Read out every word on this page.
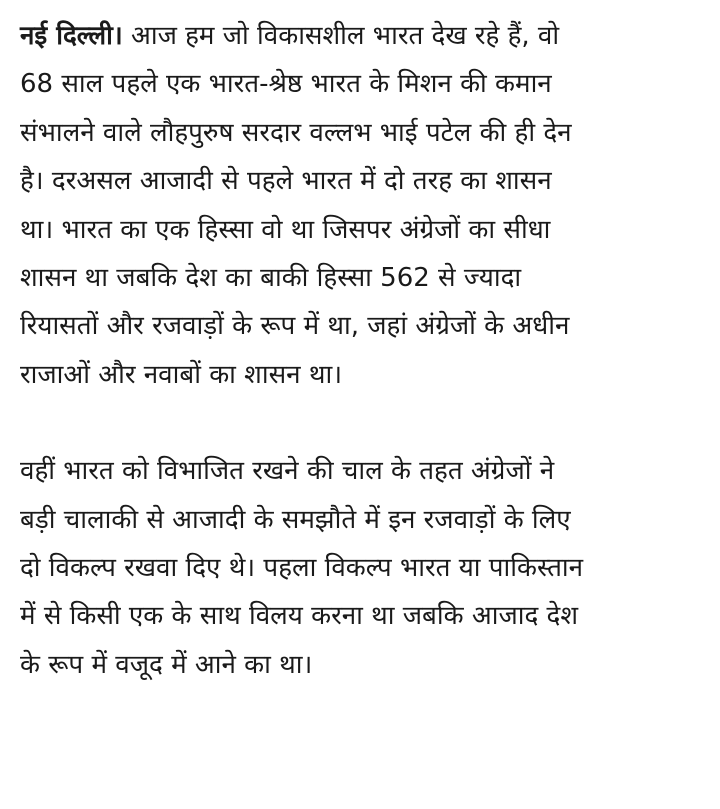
नई दिल्ली। आज हम जो विकासशील भारत देख रहे हैं, वो
68 साल पहले एक भारत-श्रेष्ठ भारत के मिशन की कमान
संभालने वाले लौहपुरुष सरदार वल्लभ भाई पटेल की ही देन
है। दरअसल आजादी से पहले भारत में दो तरह का शासन
था। भारत का एक हिस्सा वो था जिसपर अंग्रेजों का सीधा
शासन था जबकि देश का बाकी हिस्सा 562 से ज्यादा
रियासतों और रजवाड़ों के रूप में था, जहां अंग्रेजों के अधीन
राजाओं और नवाबों का शासन था।

वहीं भारत को विभाजित रखने की चाल के तहत अंग्रेजों ने
बड़ी चालाकी से आजादी के समझौते में इन रजवाड़ों के लिए
दो विकल्प रखवा दिए थे। पहला विकल्प भारत या पाकिस्तान
में से किसी एक के साथ विलय करना था जबकि आजाद देश
के रूप में वजूद में आने का था।
